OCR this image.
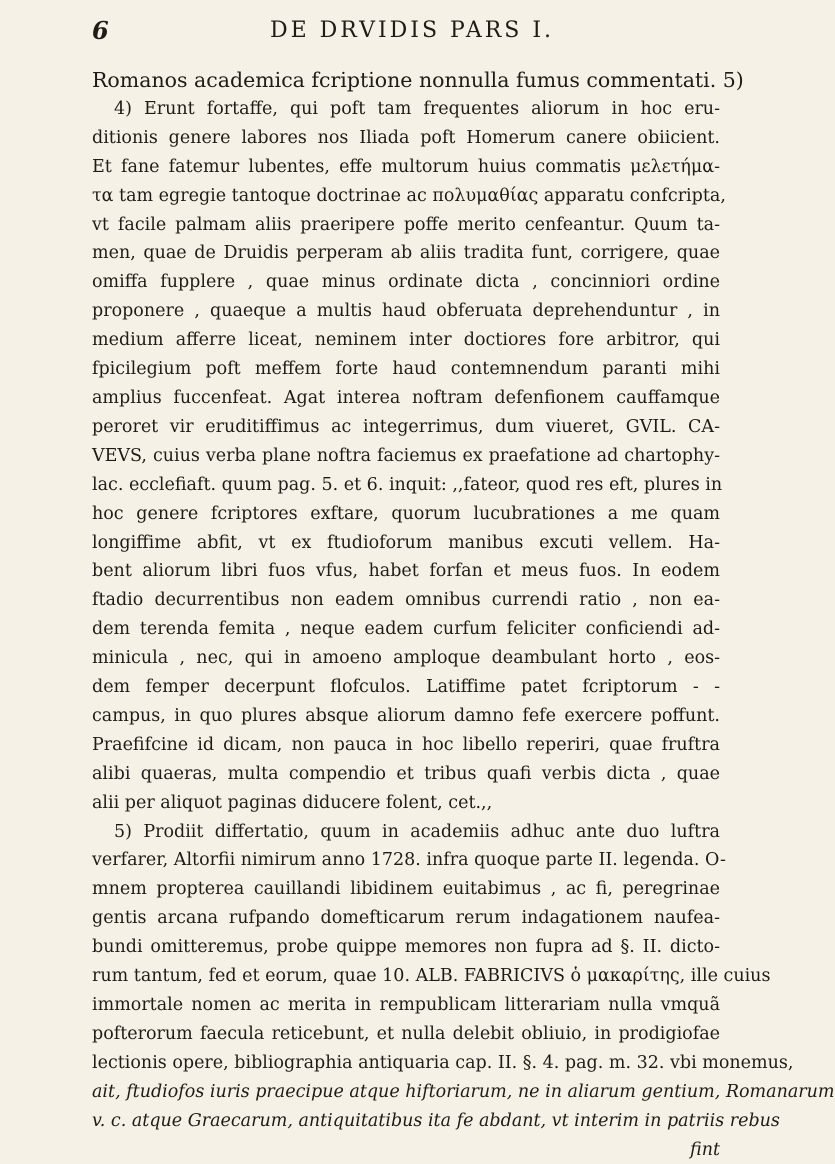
6	DE DRVIDIS PARS I.
Romanos academica fcriptione nonnulla fumus commentati. 5)
4) Erunt fortaffe, qui poft tam frequentes aliorum in hoc eru-
ditionis genere labores nos Iliada poft Homerum canere obiicient.
Et fane fatemur lubentes, effe multorum huius commatis μελετήμα-
τα tam egregie tantoque doctrinae ac πολυμαθίας apparatu confcripta,
vt facile palmam aliis praeripere poffe merito cenfeantur. Quum ta-
men, quae de Druidis perperam ab aliis tradita funt, corrigere, quae
omiffa fupplere , quae minus ordinate dicta , concinniori ordine
proponere , quaeque a multis haud obferuata deprehenduntur , in
medium afferre liceat, neminem inter doctiores fore arbitror, qui
fpicilegium poft meffem forte haud contemnendum paranti mihi
amplius fuccenfeat. Agat interea noftram defenfionem cauffamque
peroret vir eruditiffimus ac integerrimus, dum viueret, GVIL. CA-
VEVS, cuius verba plane noftra faciemus ex praefatione ad chartophy-
lac. ecclefiaft. quum pag. 5. et 6. inquit: ,,fateor, quod res eft, plures in
hoc genere fcriptores exftare, quorum lucubrationes a me quam
longiffime abfit, vt ex ftudioforum manibus excuti vellem. Ha-
bent aliorum libri fuos vfus, habet forfan et meus fuos. In eodem
ftadio decurrentibus non eadem omnibus currendi ratio , non ea-
dem terenda femita , neque eadem curfum feliciter conficiendi ad-
minicula , nec, qui in amoeno amploque deambulant horto , eos-
dem femper decerpunt flofculos. Latiffime patet fcriptorum - -
campus, in quo plures absque aliorum damno fefe exercere poffunt.
Praefifcine id dicam, non pauca in hoc libello reperiri, quae fruftra
alibi quaeras, multa compendio et tribus quafi verbis dicta , quae
alii per aliquot paginas diducere folent, cet.,,
5) Prodiit differtatio, quum in academiis adhuc ante duo luftra
verfarer, Altorfii nimirum anno 1728. infra quoque parte II. legenda. O-
mnem propterea cauillandi libidinem euitabimus , ac fi, peregrinae
gentis arcana rufpando domefticarum rerum indagationem naufea-
bundi omitteremus, probe quippe memores non fupra ad §. II. dicto-
rum tantum, fed et eorum, quae 10. ALB. FABRICIVS ὁ μακαρίτης, ille cuius
immortale nomen ac merita in rempublicam litterariam nulla vmquã
pofterorum faecula reticebunt, et nulla delebit obliuio, in prodigiofae
lectionis opere, bibliographia antiquaria cap. II. §. 4. pag. m. 32. vbi monemus,
ait, ftudiofos iuris praecipue atque hiftoriarum, ne in aliarum gentium, Romanarum
v. c. atque Graecarum, antiquitatibus ita fe abdant, vt interim in patriis rebus
fint
